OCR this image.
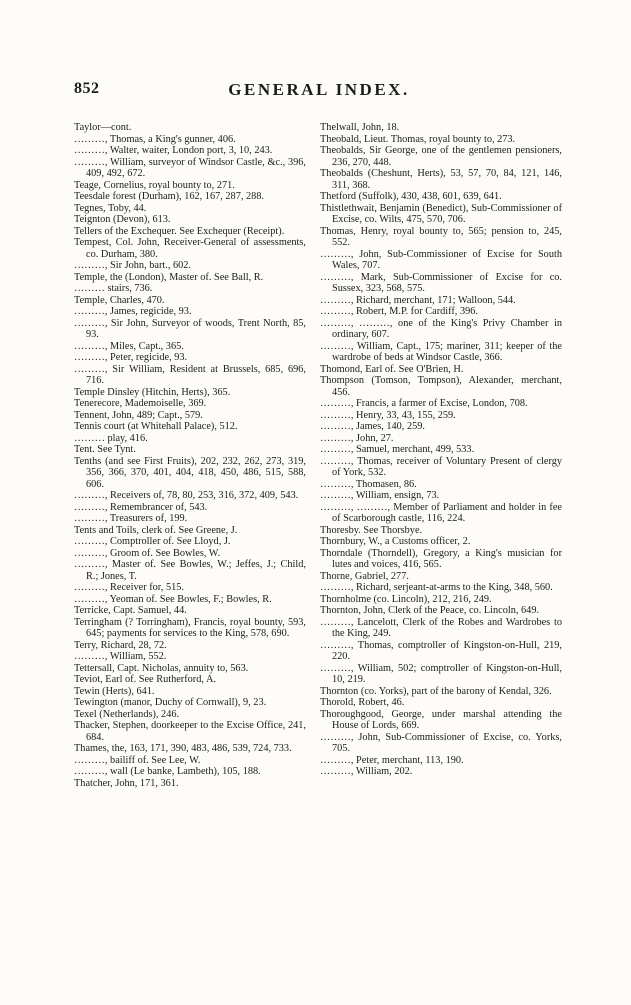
852	GENERAL INDEX.

Taylor—cont.

………, Thomas, a King's gunner, 406.

………, Walter, waiter, London port, 3, 10, 243.

………, William, surveyor of Windsor Castle, &c., 396, 409, 492, 672.

Teage, Cornelius, royal bounty to, 271.

Teesdale forest (Durham), 162, 167, 287, 288.

Tegnes, Toby, 44.

Teignton (Devon), 613.

Tellers of the Exchequer. See Exchequer (Receipt).

Tempest, Col. John, Receiver-General of assessments, co. Durham, 380.

………, Sir John, bart., 602.

Temple, the (London), Master of. See Ball, R.

……… stairs, 736.

Temple, Charles, 470.

………, James, regicide, 93.

………, Sir John, Surveyor of woods, Trent North, 85, 93.

………, Miles, Capt., 365.

………, Peter, regicide, 93.

………, Sir William, Resident at Brussels, 685, 696, 716.

Temple Dinsley (Hitchin, Herts), 365.

Tenerecore, Mademoiselle, 369.

Tennent, John, 489; Capt., 579.

Tennis court (at Whitehall Palace), 512.

……… play, 416.

Tent. See Tynt.

Tenths (and see First Fruits), 202, 232, 262, 273, 319, 356, 366, 370, 401, 404, 418, 450, 486, 515, 588, 606.

………, Receivers of, 78, 80, 253, 316, 372, 409, 543.

………, Remembrancer of, 543.

………, Treasurers of, 199.

Tents and Toils, clerk of. See Greene, J.

………, Comptroller of. See Lloyd, J.

………, Groom of. See Bowles, W.

………, Master of. See Bowles, W.; Jeffes, J.; Child, R.; Jones, T.

………, Receiver for, 515.

………, Yeoman of. See Bowles, F.; Bowles, R.

Terricke, Capt. Samuel, 44.

Terringham (? Torringham), Francis, royal bounty, 593, 645; payments for services to the King, 578, 690.

Terry, Richard, 28, 72.

………, William, 552.

Tettersall, Capt. Nicholas, annuity to, 563.

Teviot, Earl of. See Rutherford, A.

Tewin (Herts), 641.

Tewington (manor, Duchy of Cornwall), 9, 23.

Texel (Netherlands), 246.

Thacker, Stephen, doorkeeper to the Excise Office, 241, 684.

Thames, the, 163, 171, 390, 483, 486, 539, 724, 733.

………, bailiff of. See Lee, W.

………, wall (Le banke, Lambeth), 105, 188.

Thatcher, John, 171, 361.

Thelwall, John, 18.

Theobald, Lieut. Thomas, royal bounty to, 273.

Theobalds, Sir George, one of the gentlemen pensioners, 236, 270, 448.

Theobalds (Cheshunt, Herts), 53, 57, 70, 84, 121, 146, 311, 368.

Thetford (Suffolk), 430, 438, 601, 639, 641.

Thistlethwait, Benjamin (Benedict), Sub-Commissioner of Excise, co. Wilts, 475, 570, 706.

Thomas, Henry, royal bounty to, 565; pension to, 245, 552.

………, John, Sub-Commissioner of Excise for South Wales, 707.

………, Mark, Sub-Commissioner of Excise for co. Sussex, 323, 568, 575.

………, Richard, merchant, 171; Walloon, 544.

………, Robert, M.P. for Cardiff, 396.

………, ………, one of the King's Privy Chamber in ordinary, 607.

………, William, Capt., 175; mariner, 311; keeper of the wardrobe of beds at Windsor Castle, 366.

Thomond, Earl of. See O'Brien, H.

Thompson (Tomson, Tompson), Alexander, merchant, 456.

………, Francis, a farmer of Excise, London, 708.

………, Henry, 33, 43, 155, 259.

………, James, 140, 259.

………, John, 27.

………, Samuel, merchant, 499, 533.

………, Thomas, receiver of Voluntary Present of clergy of York, 532.

………, Thomasen, 86.

………, William, ensign, 73.

………, ………, Member of Parliament and holder in fee of Scarborough castle, 116, 224.

Thoresby. See Thorsbye.

Thornbury, W., a Customs officer, 2.

Thorndale (Thorndell), Gregory, a King's musician for lutes and voices, 416, 565.

Thorne, Gabriel, 277.

………, Richard, serjeant-at-arms to the King, 348, 560.

Thornholme (co. Lincoln), 212, 216, 249.

Thornton, John, Clerk of the Peace, co. Lincoln, 649.

………, Lancelott, Clerk of the Robes and Wardrobes to the King, 249.

………, Thomas, comptroller of Kingston-on-Hull, 219, 220.

………, William, 502; comptroller of Kingston-on-Hull, 10, 219.

Thornton (co. Yorks), part of the barony of Kendal, 326.

Thorold, Robert, 46.

Thoroughgood, George, under marshal attending the House of Lords, 669.

………, John, Sub-Commissioner of Excise, co. Yorks, 705.

………, Peter, merchant, 113, 190.

………, William, 202.
